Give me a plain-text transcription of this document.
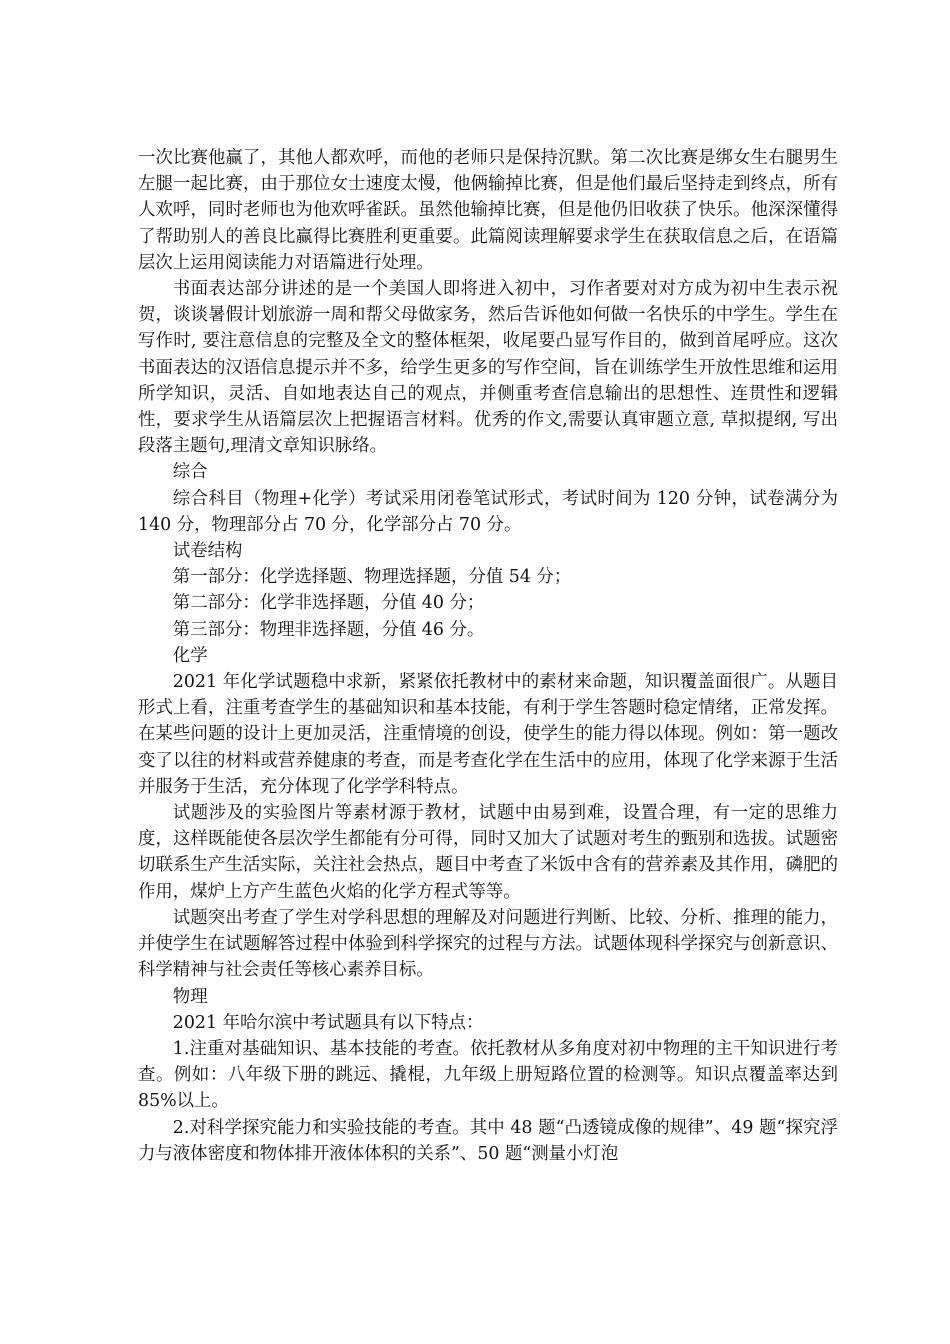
一次比赛他赢了，其他人都欢呼，而他的老师只是保持沉默。第二次比赛是绑女生右腿男生左腿一起比赛，由于那位女士速度太慢，他俩输掉比赛，但是他们最后坚持走到终点，所有人欢呼，同时老师也为他欢呼雀跃。虽然他输掉比赛，但是他仍旧收获了快乐。他深深懂得了帮助别人的善良比赢得比赛胜利更重要。此篇阅读理解要求学生在获取信息之后，在语篇层次上运用阅读能力对语篇进行处理。

书面表达部分讲述的是一个美国人即将进入初中，习作者要对对方成为初中生表示祝贺，谈谈暑假计划旅游一周和帮父母做家务，然后告诉他如何做一名快乐的中学生。学生在写作时, 要注意信息的完整及全文的整体框架，收尾要凸显写作目的，做到首尾呼应。这次书面表达的汉语信息提示并不多，给学生更多的写作空间，旨在训练学生开放性思维和运用所学知识，灵活、自如地表达自己的观点，并侧重考查信息输出的思想性、连贯性和逻辑性，要求学生从语篇层次上把握语言材料。优秀的作文,需要认真审题立意, 草拟提纲, 写出段落主题句,理清文章知识脉络。

综合

综合科目（物理+化学）考试采用闭卷笔试形式，考试时间为 120 分钟，试卷满分为 140 分，物理部分占 70 分，化学部分占 70 分。

试卷结构

第一部分：化学选择题、物理选择题，分值 54 分；

第二部分：化学非选择题，分值 40 分；

第三部分：物理非选择题，分值 46 分。

化学

2021 年化学试题稳中求新，紧紧依托教材中的素材来命题，知识覆盖面很广。从题目形式上看，注重考查学生的基础知识和基本技能，有利于学生答题时稳定情绪，正常发挥。在某些问题的设计上更加灵活，注重情境的创设，使学生的能力得以体现。例如：第一题改变了以往的材料或营养健康的考查，而是考查化学在生活中的应用，体现了化学来源于生活并服务于生活，充分体现了化学学科特点。

试题涉及的实验图片等素材源于教材，试题中由易到难，设置合理，有一定的思维力度，这样既能使各层次学生都能有分可得，同时又加大了试题对考生的甄别和选拔。试题密切联系生产生活实际，关注社会热点，题目中考查了米饭中含有的营养素及其作用，磷肥的作用，煤炉上方产生蓝色火焰的化学方程式等等。

试题突出考查了学生对学科思想的理解及对问题进行判断、比较、分析、推理的能力，并使学生在试题解答过程中体验到科学探究的过程与方法。试题体现科学探究与创新意识、科学精神与社会责任等核心素养目标。

物理

2021 年哈尔滨中考试题具有以下特点：

1.注重对基础知识、基本技能的考查。依托教材从多角度对初中物理的主干知识进行考查。例如：八年级下册的跳远、撬棍，九年级上册短路位置的检测等。知识点覆盖率达到 85%以上。

2.对科学探究能力和实验技能的考查。其中 48 题“凸透镜成像的规律”、49 题“探究浮力与液体密度和物体排开液体体积的关系”、50 题“测量小灯泡
